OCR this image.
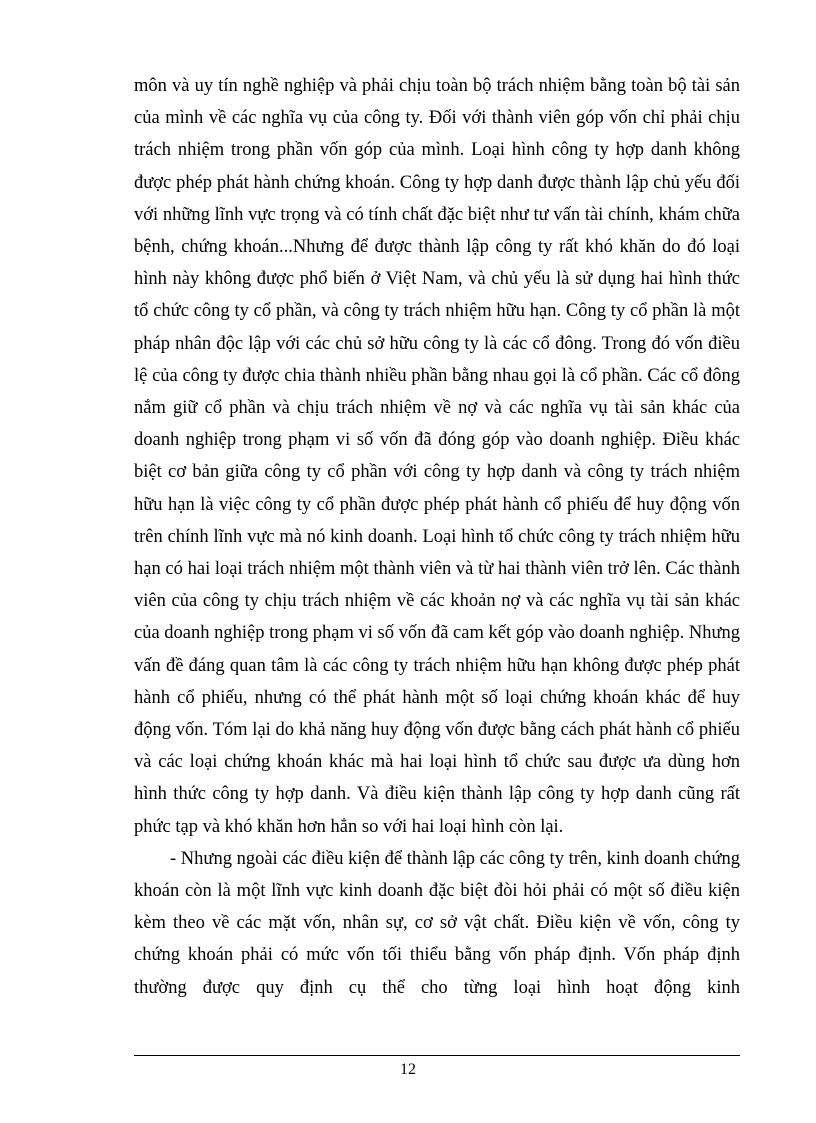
môn và uy tín nghề nghiệp và phải chịu toàn bộ trách nhiệm bằng toàn bộ tài sản của mình về các nghĩa vụ của công ty. Đối với thành viên góp vốn chỉ phải chịu trách nhiệm trong phần vốn góp của mình. Loại hình công ty hợp danh không được phép phát hành chứng khoán. Công ty hợp danh được thành lập chủ yếu đối với những lĩnh vực trọng và có tính chất đặc biệt như tư vấn tài chính, khám chữa bệnh, chứng khoán...Nhưng để được thành lập công ty rất khó khăn do đó loại hình này không được phổ biến ở Việt Nam, và chủ yếu là sử dụng hai hình thức tổ chức công ty cổ phần, và công ty trách nhiệm hữu hạn. Công ty cổ phần là một pháp nhân độc lập với các chủ sở hữu công ty là các cổ đông. Trong đó vốn điều lệ của công ty được chia thành nhiều phần bằng nhau gọi là cổ phần. Các cổ đông nắm giữ cổ phần và chịu trách nhiệm về nợ và các nghĩa vụ tài sản khác của doanh nghiệp trong phạm vi số vốn đã đóng góp vào doanh nghiệp. Điều khác biệt cơ bản giữa công ty cổ phần với công ty hợp danh và công ty trách nhiệm hữu hạn là việc công ty cổ phần được phép phát hành cổ phiếu để huy động vốn trên chính lĩnh vực mà nó kinh doanh. Loại hình tổ chức công ty trách nhiệm hữu hạn có hai loại trách nhiệm một thành viên và từ hai thành viên trở lên. Các thành viên của công ty chịu trách nhiệm về các khoản nợ và các nghĩa vụ tài sản khác của doanh nghiệp trong phạm vi số vốn đã cam kết góp vào doanh nghiệp. Nhưng vấn đề đáng quan tâm là các công ty trách nhiệm hữu hạn không được phép phát hành cổ phiếu, nhưng có thể phát hành một số loại chứng khoán khác để huy động vốn. Tóm lại do khả năng huy động vốn được bằng cách phát hành cổ phiếu và các loại chứng khoán khác mà hai loại hình tổ chức sau được ưa dùng hơn hình thức công ty hợp danh. Và điều kiện thành lập công ty hợp danh cũng rất phức tạp và khó khăn hơn hẳn so với hai loại hình còn lại.

- Nhưng ngoài các điều kiện để thành lập các công ty trên, kinh doanh chứng khoán còn là một lĩnh vực kinh doanh đặc biệt đòi hỏi phải có một số điều kiện kèm theo về các mặt vốn, nhân sự, cơ sở vật chất. Điều kiện về vốn, công ty chứng khoán phải có mức vốn tối thiểu bằng vốn pháp định. Vốn pháp định thường được quy định cụ thể cho từng loại hình hoạt động kinh

12
